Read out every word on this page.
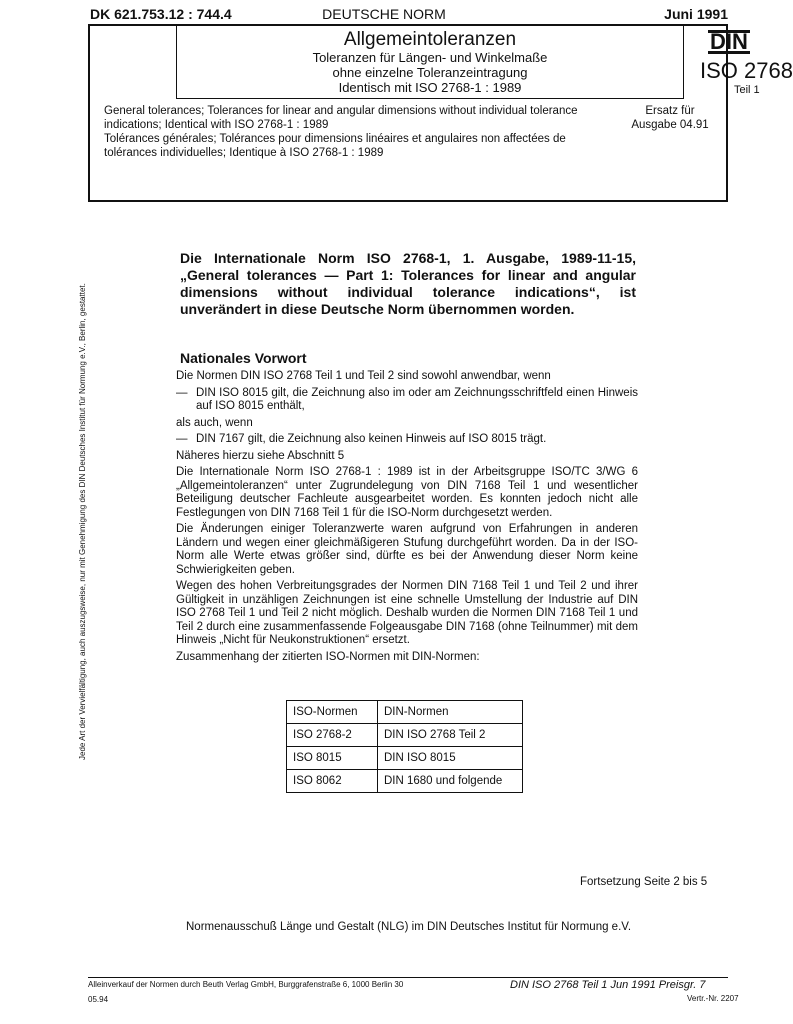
DK 621.753.12 : 744.4	DEUTSCHE NORM	Juni 1991
Allgemeintoleranzen
Toleranzen für Längen- und Winkelmaße
ohne einzelne Toleranzeintragung
Identisch mit ISO 2768-1 : 1989
DIN
ISO 2768
Teil 1
General tolerances; Tolerances for linear and angular dimensions without individual tolerance indications; Identical with ISO 2768-1 : 1989
Tolérances générales; Tolérances pour dimensions linéaires et angulaires non affectées de tolérances individuelles; Identique à ISO 2768-1 : 1989
Ersatz für
Ausgabe 04.91
Jede Art der Vervielfältigung, auch auszugsweise, nur mit Genehmigung des DIN Deutsches Institut für Normung e.V., Berlin, gestattet.
Die Internationale Norm ISO 2768-1, 1. Ausgabe, 1989-11-15, „General tolerances — Part 1: Tolerances for linear and angular dimensions without individual tolerance indications“, ist unverändert in diese Deutsche Norm übernommen worden.
Nationales Vorwort

Die Normen DIN ISO 2768 Teil 1 und Teil 2 sind sowohl anwendbar, wenn

— DIN ISO 8015 gilt, die Zeichnung also im oder am Zeichnungsschriftfeld einen Hinweis auf ISO 8015 enthält,

als auch, wenn

— DIN 7167 gilt, die Zeichnung also keinen Hinweis auf ISO 8015 trägt.

Näheres hierzu siehe Abschnitt 5

Die Internationale Norm ISO 2768-1 : 1989 ist in der Arbeitsgruppe ISO/TC 3/WG 6 „Allgemeintoleranzen“ unter Zugrundelegung von DIN 7168 Teil 1 und wesentlicher Beteiligung deutscher Fachleute ausgearbeitet worden. Es konnten jedoch nicht alle Festlegungen von DIN 7168 Teil 1 für die ISO-Norm durchgesetzt werden.

Die Änderungen einiger Toleranzwerte waren aufgrund von Erfahrungen in anderen Ländern und wegen einer gleichmäßigeren Stufung durchgeführt worden. Da in der ISO-Norm alle Werte etwas größer sind, dürfte es bei der Anwendung dieser Norm keine Schwierigkeiten geben.

Wegen des hohen Verbreitungsgrades der Normen DIN 7168 Teil 1 und Teil 2 und ihrer Gültigkeit in unzähligen Zeichnungen ist eine schnelle Umstellung der Industrie auf DIN ISO 2768 Teil 1 und Teil 2 nicht möglich. Deshalb wurden die Normen DIN 7168 Teil 1 und Teil 2 durch eine zusammenfassende Folgeausgabe DIN 7168 (ohne Teilnummer) mit dem Hinweis „Nicht für Neukonstruktionen“ ersetzt.

Zusammenhang der zitierten ISO-Normen mit DIN-Normen:

ISO-Normen	DIN-Normen
ISO 2768-2	DIN ISO 2768 Teil 2
ISO 8015	DIN ISO 8015
ISO 8062	DIN 1680 und folgende
Fortsetzung Seite 2 bis 5
Normenausschuß Länge und Gestalt (NLG) im DIN Deutsches Institut für Normung e.V.
Alleinverkauf der Normen durch Beuth Verlag GmbH, Burggrafenstraße 6, 1000 Berlin 30
05.94
DIN ISO 2768 Teil 1 Jun 1991 Preisgr. 7
Vertr.-Nr. 2207
